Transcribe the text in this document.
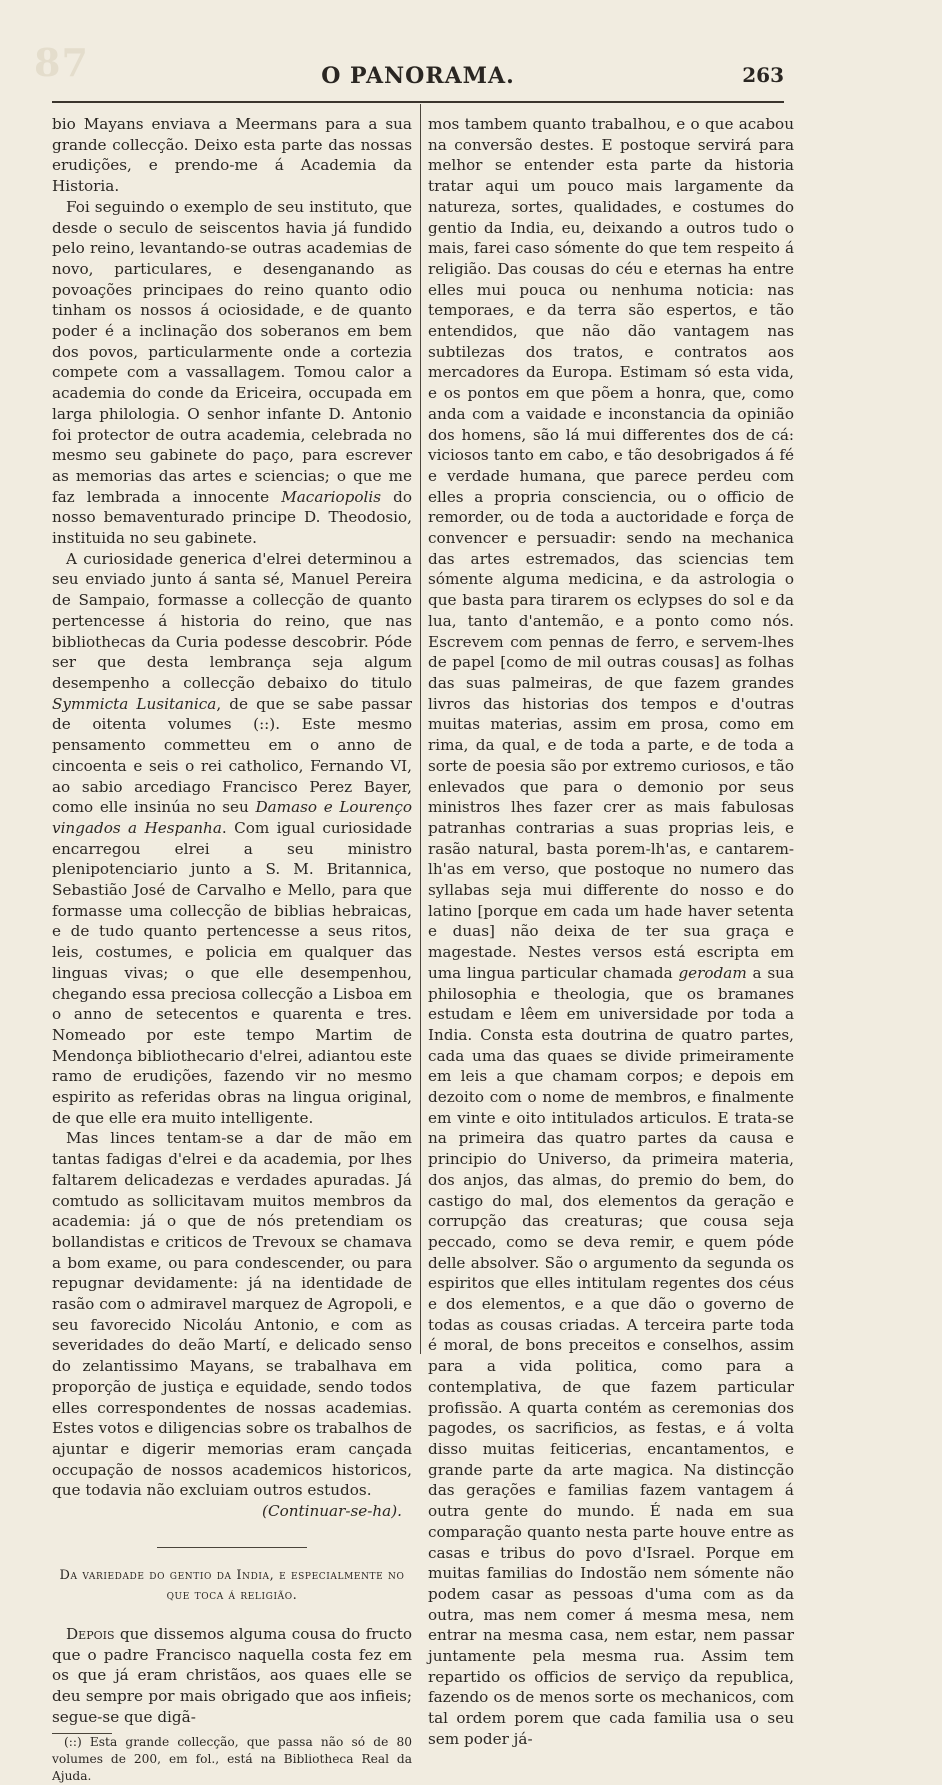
87	O PANORAMA.	263

bio Mayans enviava a Meermans para a sua grande collecção. Deixo esta parte das nossas erudições, e prendo-me á Academia da Historia.

Foi seguindo o exemplo de seu instituto, que desde o seculo de seiscentos havia já fundido pelo reino, levantando-se outras academias de novo, particulares, e desenganando as povoações principaes do reino quanto odio tinham os nossos á ociosidade, e de quanto poder é a inclinação dos soberanos em bem dos povos, particularmente onde a cortezia compete com a vassallagem. Tomou calor a academia do conde da Ericeira, occupada em larga philologia. O senhor infante D. Antonio foi protector de outra academia, celebrada no mesmo seu gabinete do paço, para escrever as memorias das artes e sciencias; o que me faz lembrada a innocente Macariopolis do nosso bemaventurado principe D. Theodosio, instituida no seu gabinete.

A curiosidade generica d'elrei determinou a seu enviado junto á santa sé, Manuel Pereira de Sampaio, formasse a collecção de quanto pertencesse á historia do reino, que nas bibliothecas da Curia podesse descobrir. Póde ser que desta lembrança seja algum desempenho a collecção debaixo do titulo Symmicta Lusitanica, de que se sabe passar de oitenta volumes (::). Este mesmo pensamento commetteu em o anno de cincoenta e seis o rei catholico, Fernando VI, ao sabio arcediago Francisco Perez Bayer, como elle insinúa no seu Damaso e Lourenço vingados a Hespanha. Com igual curiosidade encarregou elrei a seu ministro plenipotenciario junto a S. M. Britannica, Sebastião José de Carvalho e Mello, para que formasse uma collecção de biblias hebraicas, e de tudo quanto pertencesse a seus ritos, leis, costumes, e policia em qualquer das linguas vivas; o que elle desempenhou, chegando essa preciosa collecção a Lisboa em o anno de setecentos e quarenta e tres. Nomeado por este tempo Martim de Mendonça bibliothecario d'elrei, adiantou este ramo de erudições, fazendo vir no mesmo espirito as referidas obras na lingua original, de que elle era muito intelligente.

Mas linces tentam-se a dar de mão em tantas fadigas d'elrei e da academia, por lhes faltarem delicadezas e verdades apuradas. Já comtudo as sollicitavam muitos membros da academia: já o que de nós pretendiam os bollandistas e criticos de Trevoux se chamava a bom exame, ou para condescender, ou para repugnar devidamente: já na identidade de rasão com o admiravel marquez de Agropoli, e seu favorecido Nicoláu Antonio, e com as severidades do deão Martí, e delicado senso do zelantissimo Mayans, se trabalhava em proporção de justiça e equidade, sendo todos elles correspondentes de nossas academias. Estes votos e diligencias sobre os trabalhos de ajuntar e digerir memorias eram cançada occupação de nossos academicos historicos, que todavia não excluiam outros estudos.

(Continuar-se-ha).

Da variedade do gentio da India, e especialmente no que toca á religião.

Depois que dissemos alguma cousa do fructo que o padre Francisco naquella costa fez em os que já eram christãos, aos quaes elle se deu sempre por mais obrigado que aos infieis; segue-se que digã-

(::) Esta grande collecção, que passa não só de 80 volumes de 200, em fol., está na Bibliotheca Real da Ajuda.

mos tambem quanto trabalhou, e o que acabou na conversão destes. E postoque servirá para melhor se entender esta parte da historia tratar aqui um pouco mais largamente da natureza, sortes, qualidades, e costumes do gentio da India, eu, deixando a outros tudo o mais, farei caso sómente do que tem respeito á religião. Das cousas do céu e eternas ha entre elles mui pouca ou nenhuma noticia: nas temporaes, e da terra são espertos, e tão entendidos, que não dão vantagem nas subtilezas dos tratos, e contratos aos mercadores da Europa. Estimam só esta vida, e os pontos em que põem a honra, que, como anda com a vaidade e inconstancia da opinião dos homens, são lá mui differentes dos de cá: viciosos tanto em cabo, e tão desobrigados á fé e verdade humana, que parece perdeu com elles a propria consciencia, ou o officio de remorder, ou de toda a auctoridade e força de convencer e persuadir: sendo na mechanica das artes estremados, das sciencias tem sómente alguma medicina, e da astrologia o que basta para tirarem os eclypses do sol e da lua, tanto d'antemão, e a ponto como nós. Escrevem com pennas de ferro, e servem-lhes de papel [como de mil outras cousas] as folhas das suas palmeiras, de que fazem grandes livros das historias dos tempos e d'outras muitas materias, assim em prosa, como em rima, da qual, e de toda a parte, e de toda a sorte de poesia são por extremo curiosos, e tão enlevados que para o demonio por seus ministros lhes fazer crer as mais fabulosas patranhas contrarias a suas proprias leis, e rasão natural, basta porem-lh'as, e cantarem-lh'as em verso, que postoque no numero das syllabas seja mui differente do nosso e do latino [porque em cada um hade haver setenta e duas] não deixa de ter sua graça e magestade. Nestes versos está escripta em uma lingua particular chamada gerodam a sua philosophia e theologia, que os bramanes estudam e lêem em universidade por toda a India. Consta esta doutrina de quatro partes, cada uma das quaes se divide primeiramente em leis a que chamam corpos; e depois em dezoito com o nome de membros, e finalmente em vinte e oito intitulados articulos. E trata-se na primeira das quatro partes da causa e principio do Universo, da primeira materia, dos anjos, das almas, do premio do bem, do castigo do mal, dos elementos da geração e corrupção das creaturas; que cousa seja peccado, como se deva remir, e quem póde delle absolver. São o argumento da segunda os espiritos que elles intitulam regentes dos céus e dos elementos, e a que dão o governo de todas as cousas criadas. A terceira parte toda é moral, de bons preceitos e conselhos, assim para a vida politica, como para a contemplativa, de que fazem particular profissão. A quarta contém as ceremonias dos pagodes, os sacrificios, as festas, e á volta disso muitas feiticerias, encantamentos, e grande parte da arte magica. Na distincção das gerações e familias fazem vantagem á outra gente do mundo. É nada em sua comparação quanto nesta parte houve entre as casas e tribus do povo d'Israel. Porque em muitas familias do Indostão nem sómente não podem casar as pessoas d'uma com as da outra, mas nem comer á mesma mesa, nem entrar na mesma casa, nem estar, nem passar juntamente pela mesma rua. Assim tem repartido os officios de serviço da republica, fazendo os de menos sorte os mechanicos, com tal ordem porem que cada familia usa o seu sem poder já-
